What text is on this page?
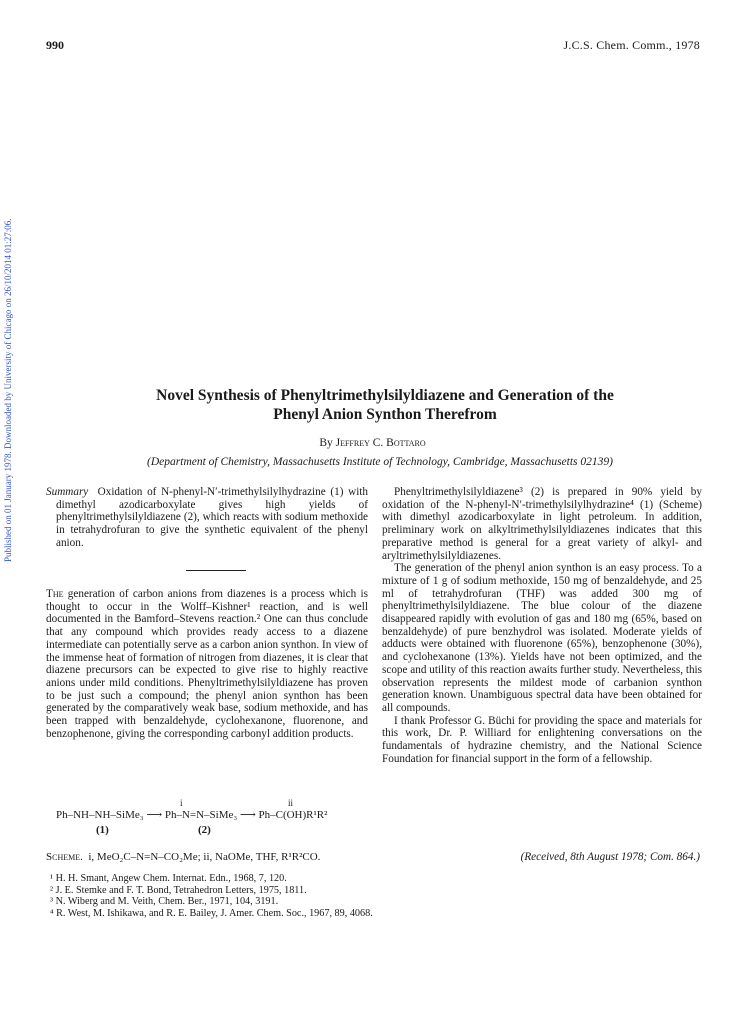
990	J.C.S. Chem. Comm., 1978
Published on 01 January 1978. Downloaded by University of Chicago on 26/10/2014 01:27:06.	Novel Synthesis of Phenyltrimethylsilyldiazene and Generation of the
Phenyl Anion Synthon Therefrom
By Jeffrey C. Bottaro
(Department of Chemistry, Massachusetts Institute of Technology, Cambridge, Massachusetts 02139)

Summary Oxidation of N-phenyl-N′-trimethylsilylhydrazine (1) with dimethyl azodicarboxylate gives high yields of phenyltrimethylsilyldiazene (2), which reacts with sodium methoxide in tetrahydrofuran to give the synthetic equivalent of the phenyl anion.

The generation of carbon anions from diazenes is a process which is thought to occur in the Wolff–Kishner¹ reaction, and is well documented in the Bamford–Stevens reaction.² One can thus conclude that any compound which provides ready access to a diazene intermediate can potentially serve as a carbon anion synthon. In view of the immense heat of formation of nitrogen from diazenes, it is clear that diazene precursors can be expected to give rise to highly reactive anions under mild conditions. Phenyltrimethylsilyldiazene has proven to be just such a compound; the phenyl anion synthon has been generated by the comparatively weak base, sodium methoxide, and has been trapped with benzaldehyde, cyclohexanone, fluorenone, and benzophenone, giving the corresponding carbonyl addition products.

i	ii
Ph–NH–NH–SiMe₃ ⟶ Ph–N=N–SiMe₃ ⟶ Ph–C(OH)R¹R²
(1)	(2)
Scheme. i, MeO₂C–N=N–CO₂Me; ii, NaOMe, THF, R¹R²CO.

Phenyltrimethylsilyldiazene³ (2) is prepared in 90% yield by oxidation of the N-phenyl-N′-trimethylsilylhydrazine⁴ (1) (Scheme) with dimethyl azodicarboxylate in light petroleum. In addition, preliminary work on alkyltrimethylsilyldiazenes indicates that this preparative method is general for a great variety of alkyl- and aryltrimethylsilyldiazenes.

The generation of the phenyl anion synthon is an easy process. To a mixture of 1 g of sodium methoxide, 150 mg of benzaldehyde, and 25 ml of tetrahydrofuran (THF) was added 300 mg of phenyltrimethylsilyldiazene. The blue colour of the diazene disappeared rapidly with evolution of gas and 180 mg (65%, based on benzaldehyde) of pure benzhydrol was isolated. Moderate yields of adducts were obtained with fluorenone (65%), benzophenone (30%), and cyclohexanone (13%). Yields have not been optimized, and the scope and utility of this reaction awaits further study. Nevertheless, this observation represents the mildest mode of carbanion synthon generation known. Unambiguous spectral data have been obtained for all compounds.

I thank Professor G. Büchi for providing the space and materials for this work, Dr. P. Williard for enlightening conversations on the fundamentals of hydrazine chemistry, and the National Science Foundation for financial support in the form of a fellowship.

(Received, 8th August 1978; Com. 864.)

¹ H. H. Smant, Angew Chem. Internat. Edn., 1968, 7, 120.

² J. E. Stemke and F. T. Bond, Tetrahedron Letters, 1975, 1811.

³ N. Wiberg and M. Veith, Chem. Ber., 1971, 104, 3191.

⁴ R. West, M. Ishikawa, and R. E. Bailey, J. Amer. Chem. Soc., 1967, 89, 4068.
